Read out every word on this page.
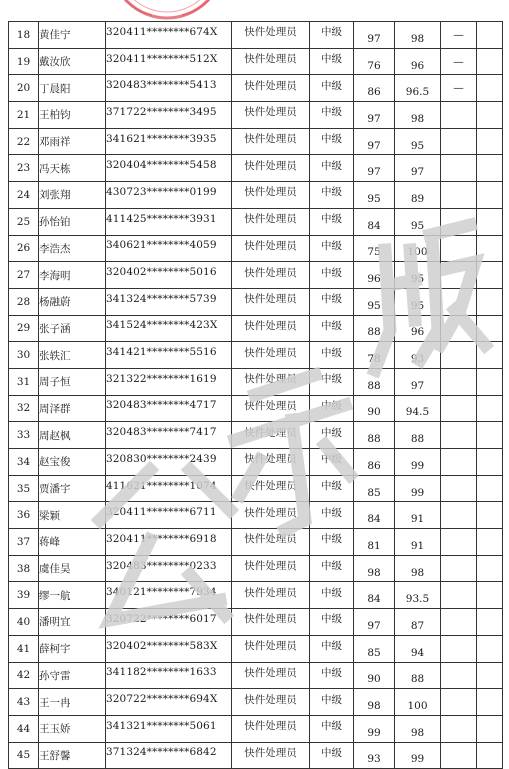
18	黄佳宁	320411********674X	快件处理员	中级	97	98	—	
19	戴汝欣	320411********512X	快件处理员	中级	76	96	—	
20	丁晨阳	320483********5413	快件处理员	中级	86	96.5	—	
21	王柏钧	371722********3495	快件处理员	中级	97	98		
22	邓雨祥	341621********3935	快件处理员	中级	97	95		
23	冯天栋	320404********5458	快件处理员	中级	97	97		
24	刘张翔	430723********0199	快件处理员	中级	95	89		
25	孙怡铂	411425********3931	快件处理员	中级	84	95		
26	李浩杰	340621********4059	快件处理员	中级	75	100		
27	李海明	320402********5016	快件处理员	中级	96	95		
28	杨融蔚	341324********5739	快件处理员	中级	95	95		
29	张子涵	341524********423X	快件处理员	中级	88	96		
30	张轶汇	341421********5516	快件处理员	中级	78	93		
31	周子恒	321322********1619	快件处理员	中级	88	97		
32	周泽群	320483********4717	快件处理员	中级	90	94.5		
33	周赵枫	320483********7417	快件处理员	中级	88	88		
34	赵宝俊	320830********2439	快件处理员	中级	86	99		
35	贾潘宇	411621********1074	快件处理员	中级	85	99		
36	梁颖	320411********6711	快件处理员	中级	84	91		
37	蒋峰	320411********6918	快件处理员	中级	81	91		
38	虞佳昊	320483********0233	快件处理员	中级	98	98		
39	缪一航	340121********7934	快件处理员	中级	84	93.5		
40	潘明宜	320722********6017	快件处理员	中级	97	87		
41	薛柯宇	320402********583X	快件处理员	中级	85	94		
42	孙守雷	341182********1633	快件处理员	中级	90	88		
43	王一冉	320722********694X	快件处理员	中级	98	100		
44	王玉娇	341321********5061	快件处理员	中级	99	98		
45	王舒馨	371324********6842	快件处理员	中级	93	99		
